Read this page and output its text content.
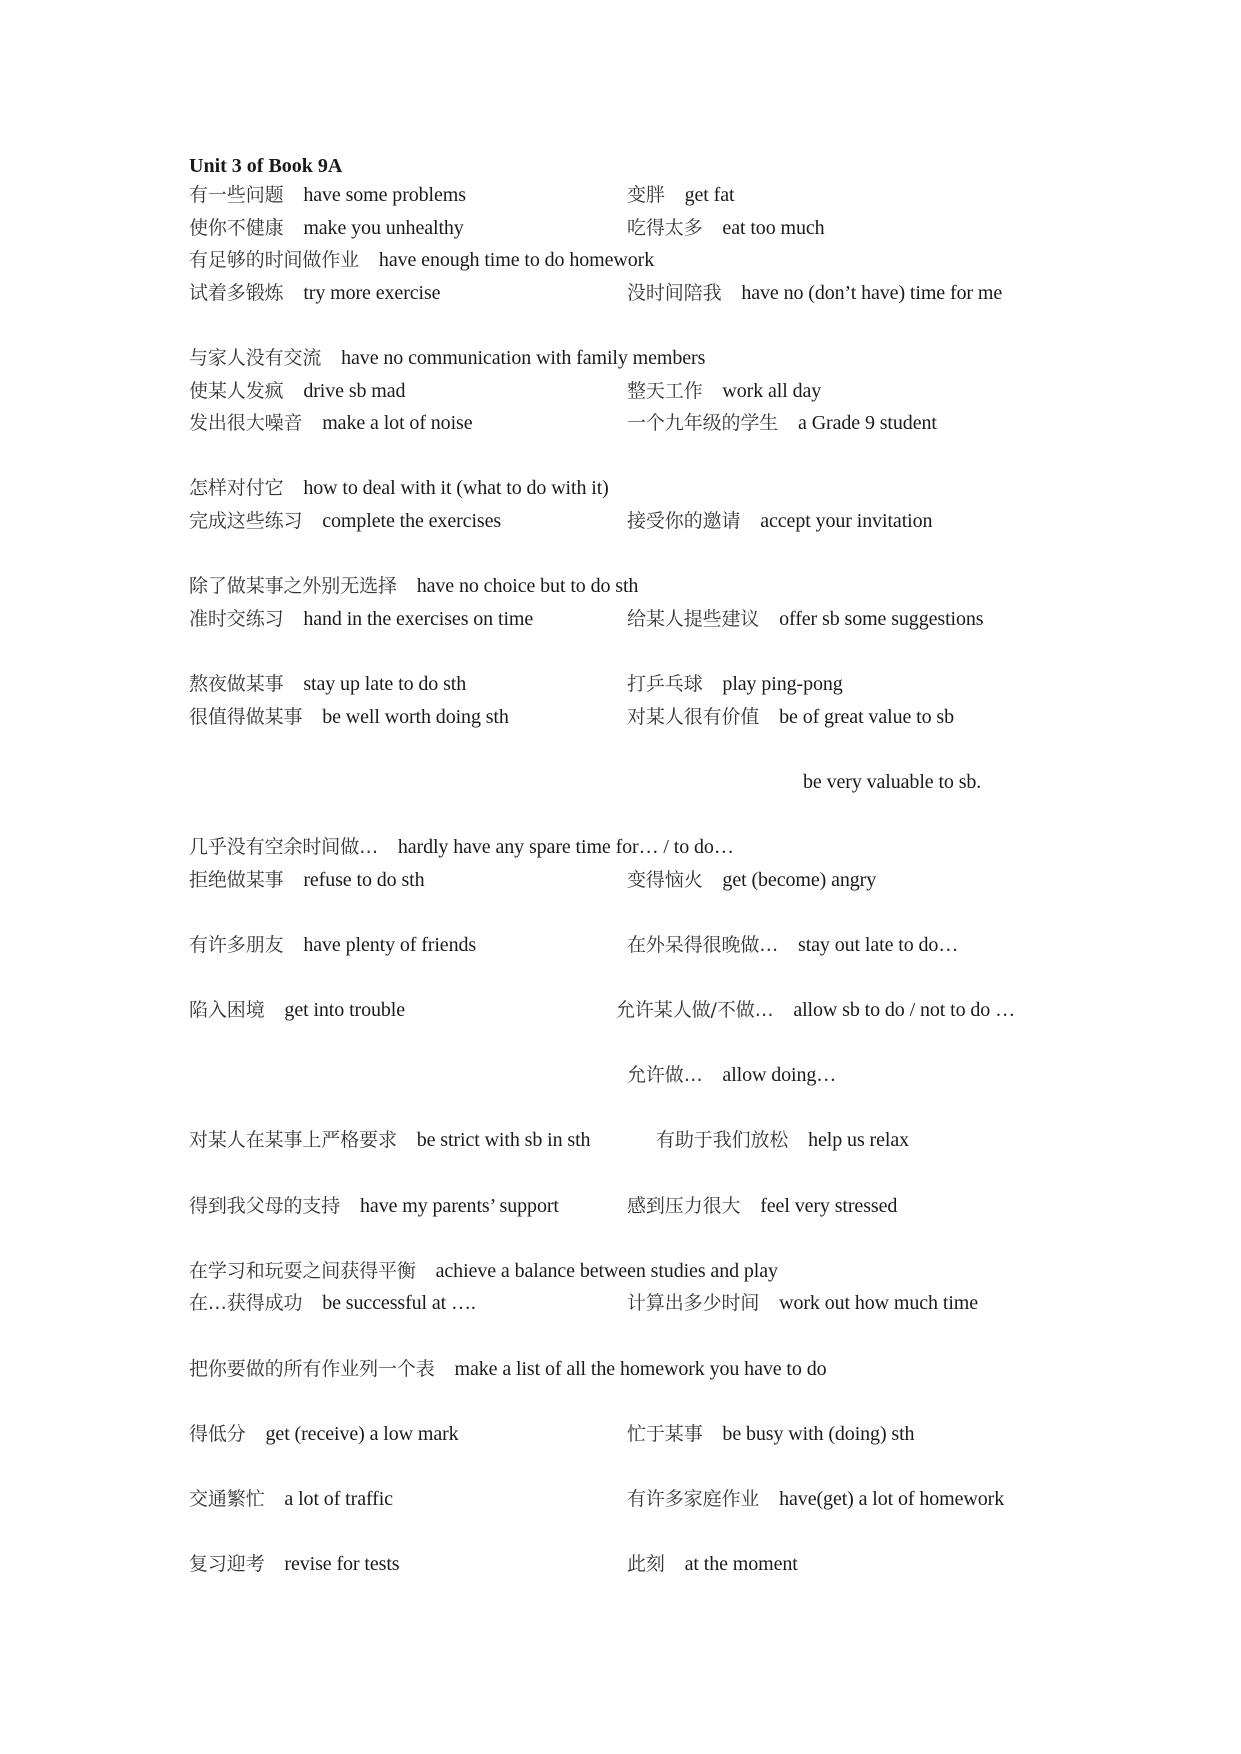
Unit 3 of Book 9A
有一些问题   have some problems	变胖   get fat
使你不健康   make you unhealthy	吃得太多   eat too much
有足够的时间做作业   have enough time to do homework
试着多锻炼   try more exercise	没时间陪我   have no (don’t have) time for me
与家人没有交流   have no communication with family members
使某人发疯   drive sb mad	整天工作   work all day
发出很大噪音   make a lot of noise	一个九年级的学生   a Grade 9 student
怎样对付它   how to deal with it (what to do with it)
完成这些练习   complete the exercises	接受你的邀请   accept your invitation
除了做某事之外别无选择   have no choice but to do sth
准时交练习   hand in the exercises on time	给某人提些建议   offer sb some suggestions
熬夜做某事   stay up late to do sth	打乒乓球   play ping-pong
很值得做某事   be well worth doing sth	对某人很有价值   be of great value to sb
be very valuable to sb.
几乎没有空余时间做…   hardly have any spare time for… / to do…
拒绝做某事   refuse to do sth	变得恼火   get (become) angry
有许多朋友   have plenty of friends	在外呆得很晚做…   stay out late to do…
陷入困境   get into trouble	允许某人做/不做…   allow sb to do / not to do …
允许做…   allow doing…
对某人在某事上严格要求   be strict with sb in sth	有助于我们放松   help us relax
得到我父母的支持   have my parents’ support	感到压力很大   feel very stressed
在学习和玩耍之间获得平衡   achieve a balance between studies and play
在…获得成功   be successful at ….	计算出多少时间   work out how much time
把你要做的所有作业列一个表   make a list of all the homework you have to do
得低分   get (receive) a low mark	忙于某事   be busy with (doing) sth
交通繁忙   a lot of traffic	有许多家庭作业   have(get) a lot of homework
复习迎考   revise for tests	此刻   at the moment
